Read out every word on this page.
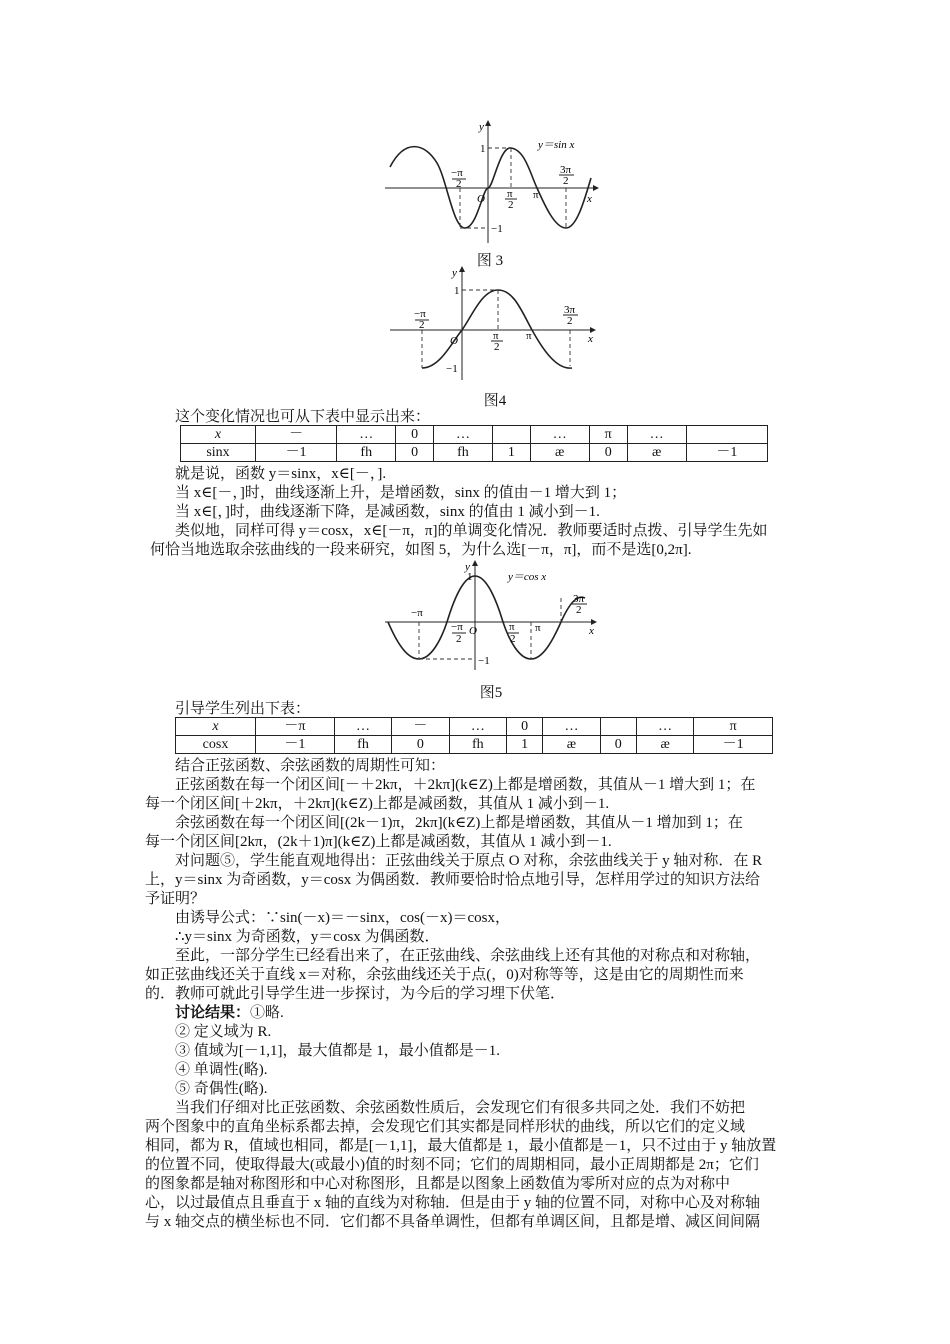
y
x
O
1
−1
y＝sin x
−π
2
π
2
π
3π
2
图 3
y
x
O
1
−1
−π
2
π
2
π
3π
2
图4
这个变化情况也可从下表中显示出来：
x	－	…	0	…		…	π	…	
sinx	－1	fh	0	fh	1	æ	0	æ	－1
就是说，函数 y＝sinx，x∈[－，].
当 x∈[－，]时，曲线逐渐上升，是增函数，sinx 的值由－1 增大到 1；
当 x∈[，]时，曲线逐渐下降，是减函数，sinx 的值由 1 减小到－1.
类似地，同样可得 y＝cosx，x∈[－π，π]的单调变化情况．教师要适时点拨、引导学生先如
何恰当地选取余弦曲线的一段来研究，如图 5，为什么选[－π，π]，而不是选[0,2π].
y
x
O
1
−1
y＝cos x
−π
−π
2
π
2
π
3π
2
图5
引导学生列出下表：
x	－π	…	－	…	0	…		…	π
cosx	－1	fh	0	fh	1	æ	0	æ	－1
结合正弦函数、余弦函数的周期性可知：
正弦函数在每一个闭区间[－＋2kπ，＋2kπ](k∈Z)上都是增函数，其值从－1 增大到 1；在
每一个闭区间[＋2kπ，＋2kπ](k∈Z)上都是减函数，其值从 1 减小到－1.
余弦函数在每一个闭区间[(2k－1)π，2kπ](k∈Z)上都是增函数，其值从－1 增加到 1；在
每一个闭区间[2kπ，(2k＋1)π](k∈Z)上都是减函数，其值从 1 减小到－1.
对问题⑤，学生能直观地得出：正弦曲线关于原点 O 对称，余弦曲线关于 y 轴对称．在 R
上，y＝sinx 为奇函数，y＝cosx 为偶函数．教师要恰时恰点地引导，怎样用学过的知识方法给
予证明？
由诱导公式：∵sin(－x)＝－sinx，cos(－x)＝cosx，
∴y＝sinx 为奇函数，y＝cosx 为偶函数．
至此，一部分学生已经看出来了，在正弦曲线、余弦曲线上还有其他的对称点和对称轴，
如正弦曲线还关于直线 x＝对称，余弦曲线还关于点(，0)对称等等，这是由它的周期性而来
的．教师可就此引导学生进一步探讨，为今后的学习埋下伏笔．
讨论结果：①略.
② 定义域为 R.
③ 值域为[－1,1]，最大值都是 1，最小值都是－1.
④ 单调性(略).
⑤ 奇偶性(略).
当我们仔细对比正弦函数、余弦函数性质后，会发现它们有很多共同之处．我们不妨把
两个图象中的直角坐标系都去掉，会发现它们其实都是同样形状的曲线，所以它们的定义域
相同，都为 R，值域也相同，都是[－1,1]，最大值都是 1，最小值都是－1，只不过由于 y 轴放置
的位置不同，使取得最大(或最小)值的时刻不同；它们的周期相同，最小正周期都是 2π；它们
的图象都是轴对称图形和中心对称图形，且都是以图象上函数值为零所对应的点为对称中
心，以过最值点且垂直于 x 轴的直线为对称轴．但是由于 y 轴的位置不同，对称中心及对称轴
与 x 轴交点的横坐标也不同．它们都不具备单调性，但都有单调区间，且都是增、减区间间隔
